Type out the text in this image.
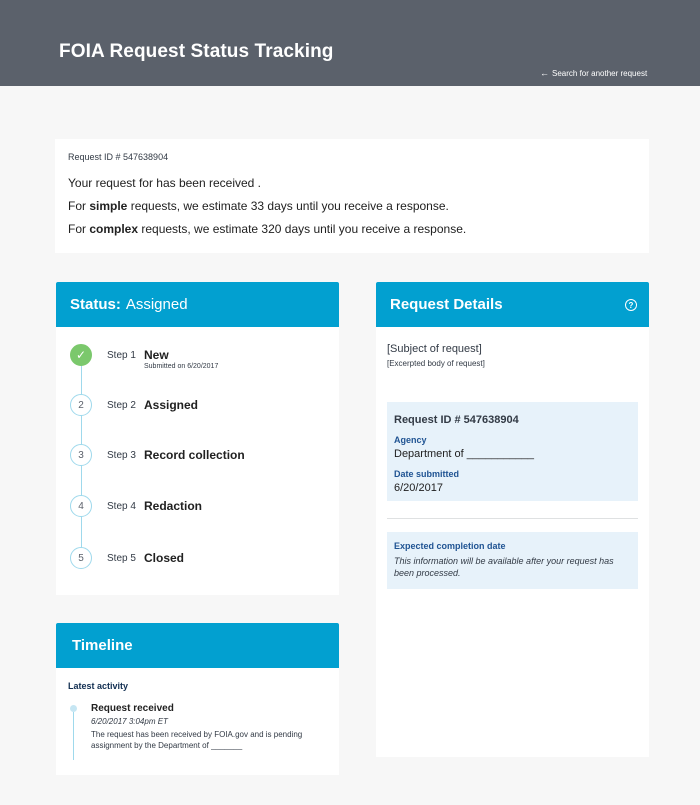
FOIA Request Status Tracking
← Search for another request
Request ID # 547638904
Your request for has been received .
For simple requests, we estimate 33 days until you receive a response.
For complex requests, we estimate 320 days until you receive a response.
Status: Assigned
✓	Step 1 New
Submitted on 6/20/2017
2	Step 2 Assigned
3	Step 3 Record collection
4	Step 4 Redaction
5	Step 5 Closed
Timeline
Latest activity
Request received
6/20/2017 3:04pm ET
The request has been received by FOIA.gov and is pending assignment by the Department of _______
Request Details	?
[Subject of request]
[Excerpted body of request]
Request ID # 547638904
Agency
Department of ___________
Date submitted
6/20/2017
Expected completion date
This information will be available after your request has been processed.
